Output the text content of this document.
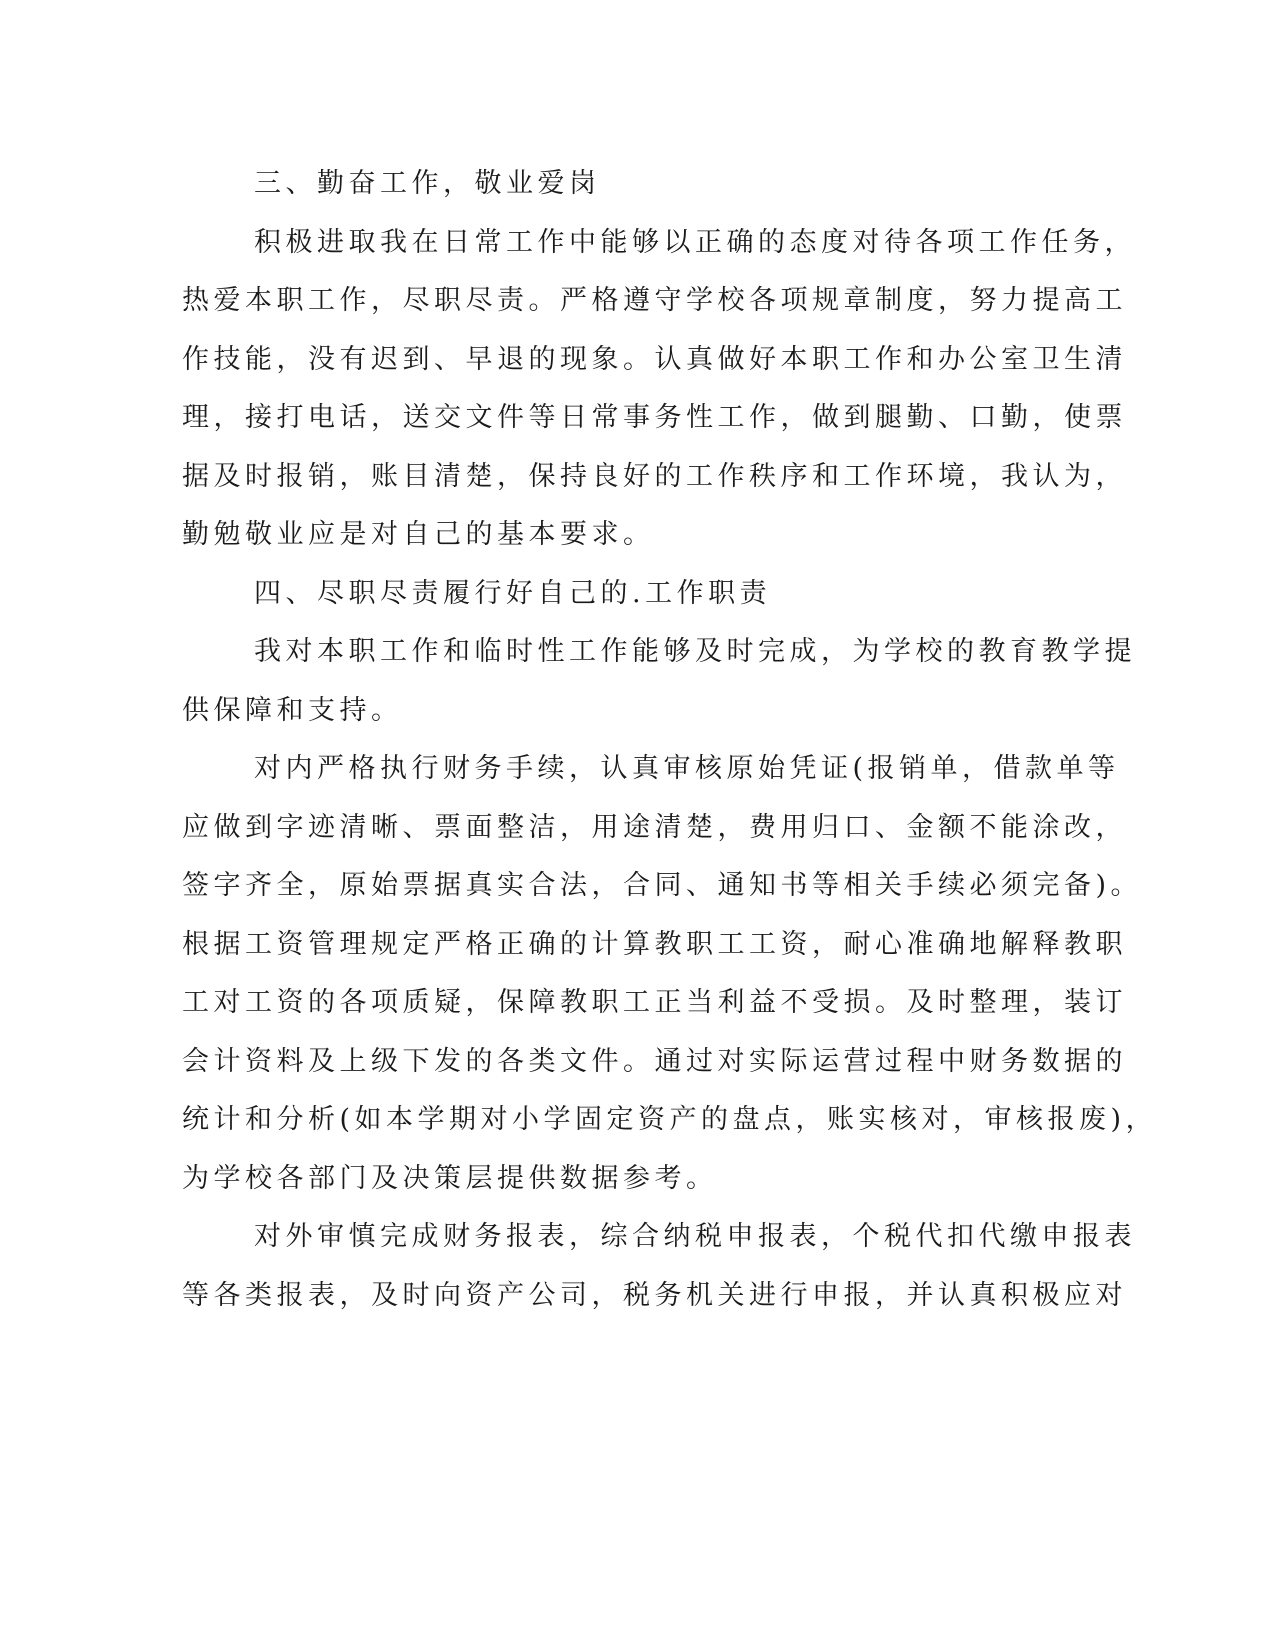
三、勤奋工作，敬业爱岗
积极进取我在日常工作中能够以正确的态度对待各项工作任务，
热爱本职工作，尽职尽责。严格遵守学校各项规章制度，努力提高工
作技能，没有迟到、早退的现象。认真做好本职工作和办公室卫生清
理，接打电话，送交文件等日常事务性工作，做到腿勤、口勤，使票
据及时报销，账目清楚，保持良好的工作秩序和工作环境，我认为，
勤勉敬业应是对自己的基本要求。
四、尽职尽责履行好自己的.工作职责
我对本职工作和临时性工作能够及时完成，为学校的教育教学提
供保障和支持。
对内严格执行财务手续，认真审核原始凭证(报销单，借款单等
应做到字迹清晰、票面整洁，用途清楚，费用归口、金额不能涂改，
签字齐全，原始票据真实合法，合同、通知书等相关手续必须完备)。
根据工资管理规定严格正确的计算教职工工资，耐心准确地解释教职
工对工资的各项质疑，保障教职工正当利益不受损。及时整理，装订
会计资料及上级下发的各类文件。通过对实际运营过程中财务数据的
统计和分析(如本学期对小学固定资产的盘点，账实核对，审核报废)，
为学校各部门及决策层提供数据参考。
对外审慎完成财务报表，综合纳税申报表，个税代扣代缴申报表
等各类报表，及时向资产公司，税务机关进行申报，并认真积极应对
